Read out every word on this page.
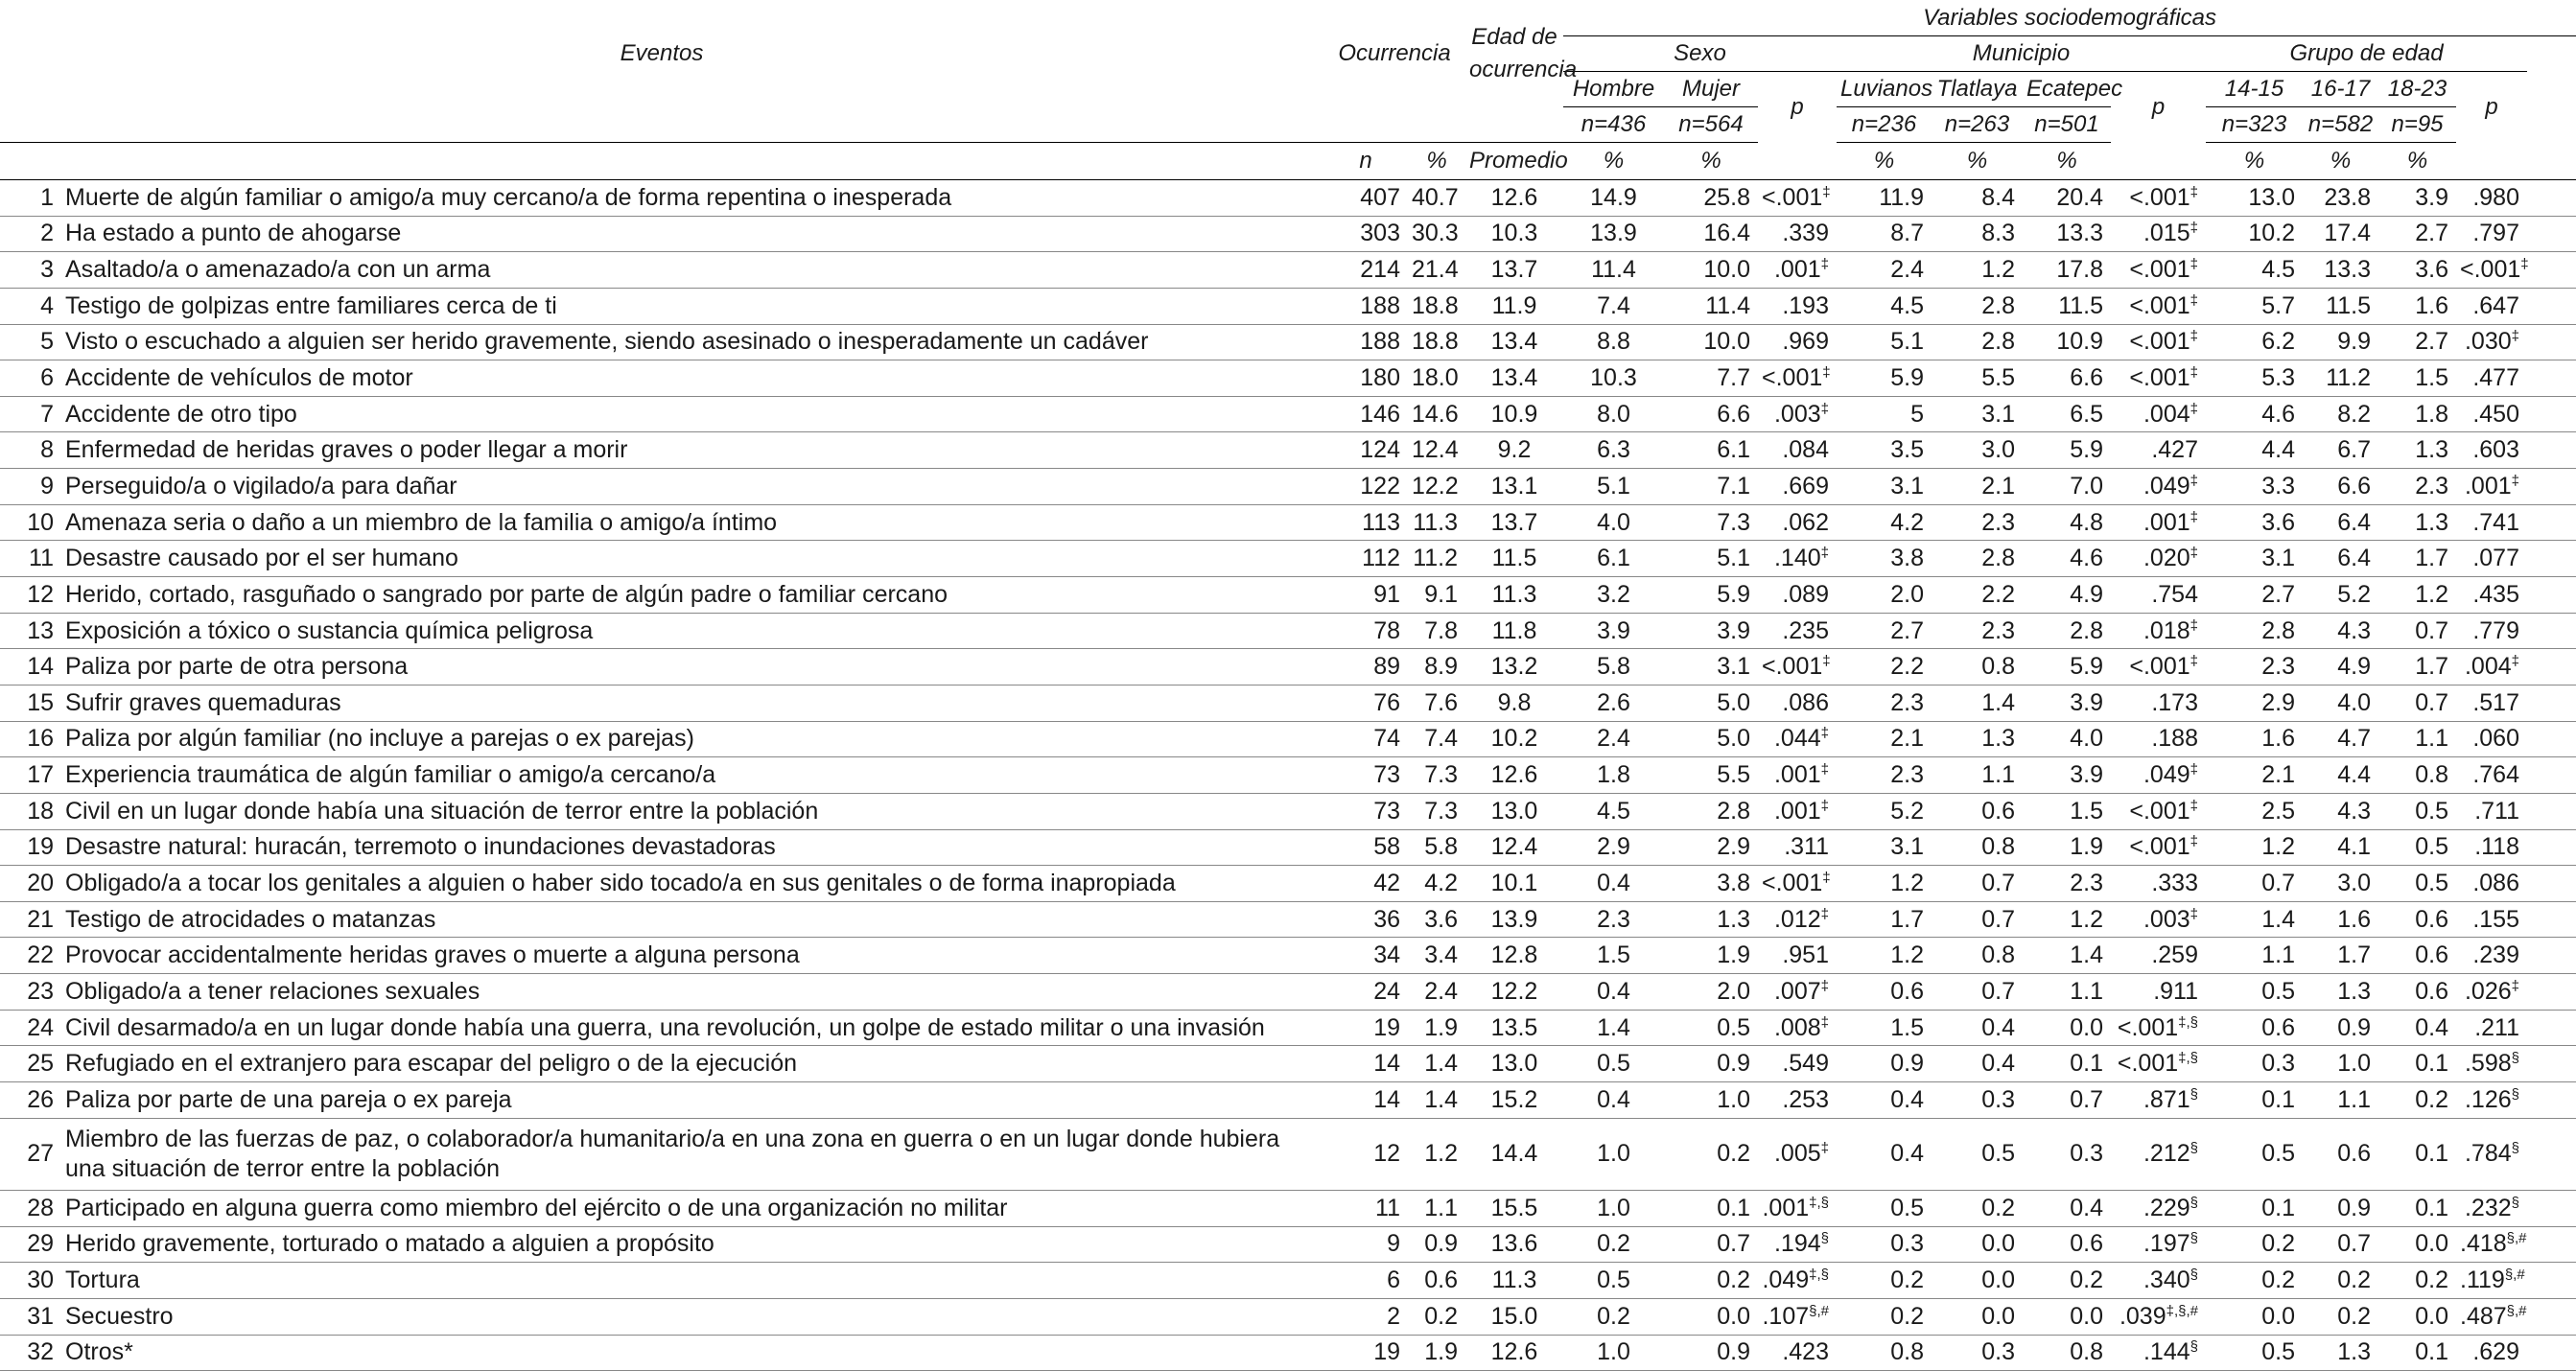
Eventos		Ocurrencia		Edad de
ocurrencia	Variables sociodemográficas										
					Sexo			Municipio				Grupo de edad			
					Hombre	Mujer	p	Luvianos	Tlatlaya	Ecatepec	p	14-15	16-17	18-23	p
					n=436	n=564		n=236	n=263	n=501		n=323	n=582	n=95	
		n	%	Promedio	%	%		%	%	%		%	%	%	
1	Muerte de algún familiar o amigo/a muy cercano/a de forma repentina o inesperada	407	40.7	12.6	14.9	25.8	<.001‡	11.9	8.4	20.4	<.001‡	13.0	23.8	3.9	.980
2	Ha estado a punto de ahogarse	303	30.3	10.3	13.9	16.4	.339	8.7	8.3	13.3	.015‡	10.2	17.4	2.7	.797
3	Asaltado/a o amenazado/a con un arma	214	21.4	13.7	11.4	10.0	.001‡	2.4	1.2	17.8	<.001‡	4.5	13.3	3.6	<.001‡
4	Testigo de golpizas entre familiares cerca de ti	188	18.8	11.9	7.4	11.4	.193	4.5	2.8	11.5	<.001‡	5.7	11.5	1.6	.647
5	Visto o escuchado a alguien ser herido gravemente, siendo asesinado o inesperadamente un cadáver	188	18.8	13.4	8.8	10.0	.969	5.1	2.8	10.9	<.001‡	6.2	9.9	2.7	.030‡
6	Accidente de vehículos de motor	180	18.0	13.4	10.3	7.7	<.001‡	5.9	5.5	6.6	<.001‡	5.3	11.2	1.5	.477
7	Accidente de otro tipo	146	14.6	10.9	8.0	6.6	.003‡	5	3.1	6.5	.004‡	4.6	8.2	1.8	.450
8	Enfermedad de heridas graves o poder llegar a morir	124	12.4	9.2	6.3	6.1	.084	3.5	3.0	5.9	.427	4.4	6.7	1.3	.603
9	Perseguido/a o vigilado/a para dañar	122	12.2	13.1	5.1	7.1	.669	3.1	2.1	7.0	.049‡	3.3	6.6	2.3	.001‡
10	Amenaza seria o daño a un miembro de la familia o amigo/a íntimo	113	11.3	13.7	4.0	7.3	.062	4.2	2.3	4.8	.001‡	3.6	6.4	1.3	.741
11	Desastre causado por el ser humano	112	11.2	11.5	6.1	5.1	.140‡	3.8	2.8	4.6	.020‡	3.1	6.4	1.7	.077
12	Herido, cortado, rasguñado o sangrado por parte de algún padre o familiar cercano	91	9.1	11.3	3.2	5.9	.089	2.0	2.2	4.9	.754	2.7	5.2	1.2	.435
13	Exposición a tóxico o sustancia química peligrosa	78	7.8	11.8	3.9	3.9	.235	2.7	2.3	2.8	.018‡	2.8	4.3	0.7	.779
14	Paliza por parte de otra persona	89	8.9	13.2	5.8	3.1	<.001‡	2.2	0.8	5.9	<.001‡	2.3	4.9	1.7	.004‡
15	Sufrir graves quemaduras	76	7.6	9.8	2.6	5.0	.086	2.3	1.4	3.9	.173	2.9	4.0	0.7	.517
16	Paliza por algún familiar (no incluye a parejas o ex parejas)	74	7.4	10.2	2.4	5.0	.044‡	2.1	1.3	4.0	.188	1.6	4.7	1.1	.060
17	Experiencia traumática de algún familiar o amigo/a cercano/a	73	7.3	12.6	1.8	5.5	.001‡	2.3	1.1	3.9	.049‡	2.1	4.4	0.8	.764
18	Civil en un lugar donde había una situación de terror entre la población	73	7.3	13.0	4.5	2.8	.001‡	5.2	0.6	1.5	<.001‡	2.5	4.3	0.5	.711
19	Desastre natural: huracán, terremoto o inundaciones devastadoras	58	5.8	12.4	2.9	2.9	.311	3.1	0.8	1.9	<.001‡	1.2	4.1	0.5	.118
20	Obligado/a a tocar los genitales a alguien o haber sido tocado/a en sus genitales o de forma inapropiada	42	4.2	10.1	0.4	3.8	<.001‡	1.2	0.7	2.3	.333	0.7	3.0	0.5	.086
21	Testigo de atrocidades o matanzas	36	3.6	13.9	2.3	1.3	.012‡	1.7	0.7	1.2	.003‡	1.4	1.6	0.6	.155
22	Provocar accidentalmente heridas graves o muerte a alguna persona	34	3.4	12.8	1.5	1.9	.951	1.2	0.8	1.4	.259	1.1	1.7	0.6	.239
23	Obligado/a a tener relaciones sexuales	24	2.4	12.2	0.4	2.0	.007‡	0.6	0.7	1.1	.911	0.5	1.3	0.6	.026‡
24	Civil desarmado/a en un lugar donde había una guerra, una revolución, un golpe de estado militar o una invasión	19	1.9	13.5	1.4	0.5	.008‡	1.5	0.4	0.0	<.001‡,§	0.6	0.9	0.4	.211
25	Refugiado en el extranjero para escapar del peligro o de la ejecución	14	1.4	13.0	0.5	0.9	.549	0.9	0.4	0.1	<.001‡,§	0.3	1.0	0.1	.598§
26	Paliza por parte de una pareja o ex pareja	14	1.4	15.2	0.4	1.0	.253	0.4	0.3	0.7	.871§	0.1	1.1	0.2	.126§
27	Miembro de las fuerzas de paz, o colaborador/a humanitario/a en una zona en guerra o en un lugar donde hubiera una situación de terror entre la población	12	1.2	14.4	1.0	0.2	.005‡	0.4	0.5	0.3	.212§	0.5	0.6	0.1	.784§
28	Participado en alguna guerra como miembro del ejército o de una organización no militar	11	1.1	15.5	1.0	0.1	.001‡,§	0.5	0.2	0.4	.229§	0.1	0.9	0.1	.232§
29	Herido gravemente, torturado o matado a alguien a propósito	9	0.9	13.6	0.2	0.7	.194§	0.3	0.0	0.6	.197§	0.2	0.7	0.0	.418§,#
30	Tortura	6	0.6	11.3	0.5	0.2	.049‡,§	0.2	0.0	0.2	.340§	0.2	0.2	0.2	.119§,#
31	Secuestro	2	0.2	15.0	0.2	0.0	.107§,#	0.2	0.0	0.0	.039‡,§,#	0.0	0.2	0.0	.487§,#
32	Otros*	19	1.9	12.6	1.0	0.9	.423	0.8	0.3	0.8	.144§	0.5	1.3	0.1	.629
